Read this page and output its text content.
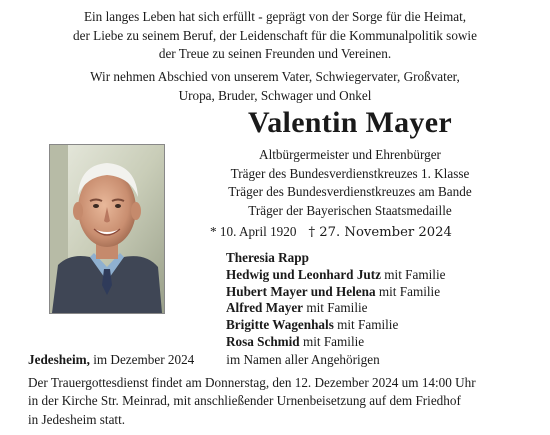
Ein langes Leben hat sich erfüllt - geprägt von der Sorge für die Heimat,
der Liebe zu seinem Beruf, der Leidenschaft für die Kommunalpolitik sowie
der Treue zu seinen Freunden und Vereinen.
Wir nehmen Abschied von unserem Vater, Schwiegervater, Großvater,
Uropa, Bruder, Schwager und Onkel
Valentin Mayer
Altbürgermeister und Ehrenbürger
Träger des Bundesverdienstkreuzes 1. Klasse
Träger des Bundesverdienstkreuzes am Bande
Träger der Bayerischen Staatsmedaille
* 10. April 1920 † 27. November 2024
Theresia Rapp
Hedwig und Leonhard Jutz mit Familie
Hubert Mayer und Helena mit Familie
Alfred Mayer mit Familie
Brigitte Wagenhals mit Familie
Rosa Schmid mit Familie
Jedesheim, im Dezember 2024 im Namen aller Angehörigen
Der Trauergottesdienst findet am Donnerstag, den 12. Dezember 2024 um 14:00 Uhr
in der Kirche Str. Meinrad, mit anschließender Urnenbeisetzung auf dem Friedhof
in Jedesheim statt.
